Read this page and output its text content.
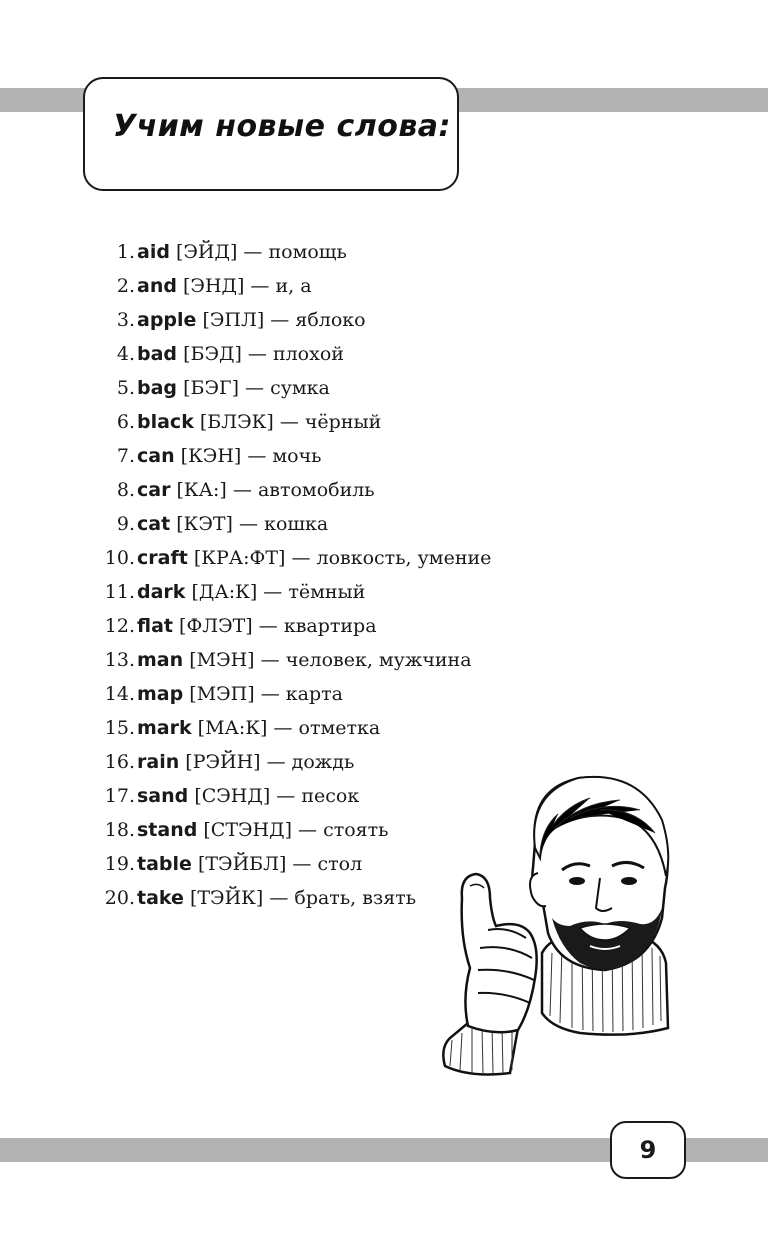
Учим новые слова:
1. aid [ЭЙД] — помощь
2. and [ЭНД] — и, а
3. apple [ЭПЛ] — яблоко
4. bad [БЭД] — плохой
5. bag [БЭГ] — сумка
6. black [БЛЭК] — чёрный
7. can [КЭН] — мочь
8. car [КА:] — автомобиль
9. cat [КЭТ] — кошка
10. craft [КРА:ФТ] — ловкость, умение
11. dark [ДА:К] — тёмный
12. flat [ФЛЭТ] — квартира
13. man [МЭН] — человек, мужчина
14. map [МЭП] — карта
15. mark [МА:К] — отметка
16. rain [РЭЙН] — дождь
17. sand [СЭНД] — песок
18. stand [СТЭНД] — стоять
19. table [ТЭЙБЛ] — стол
20. take [ТЭЙК] — брать, взять
9
